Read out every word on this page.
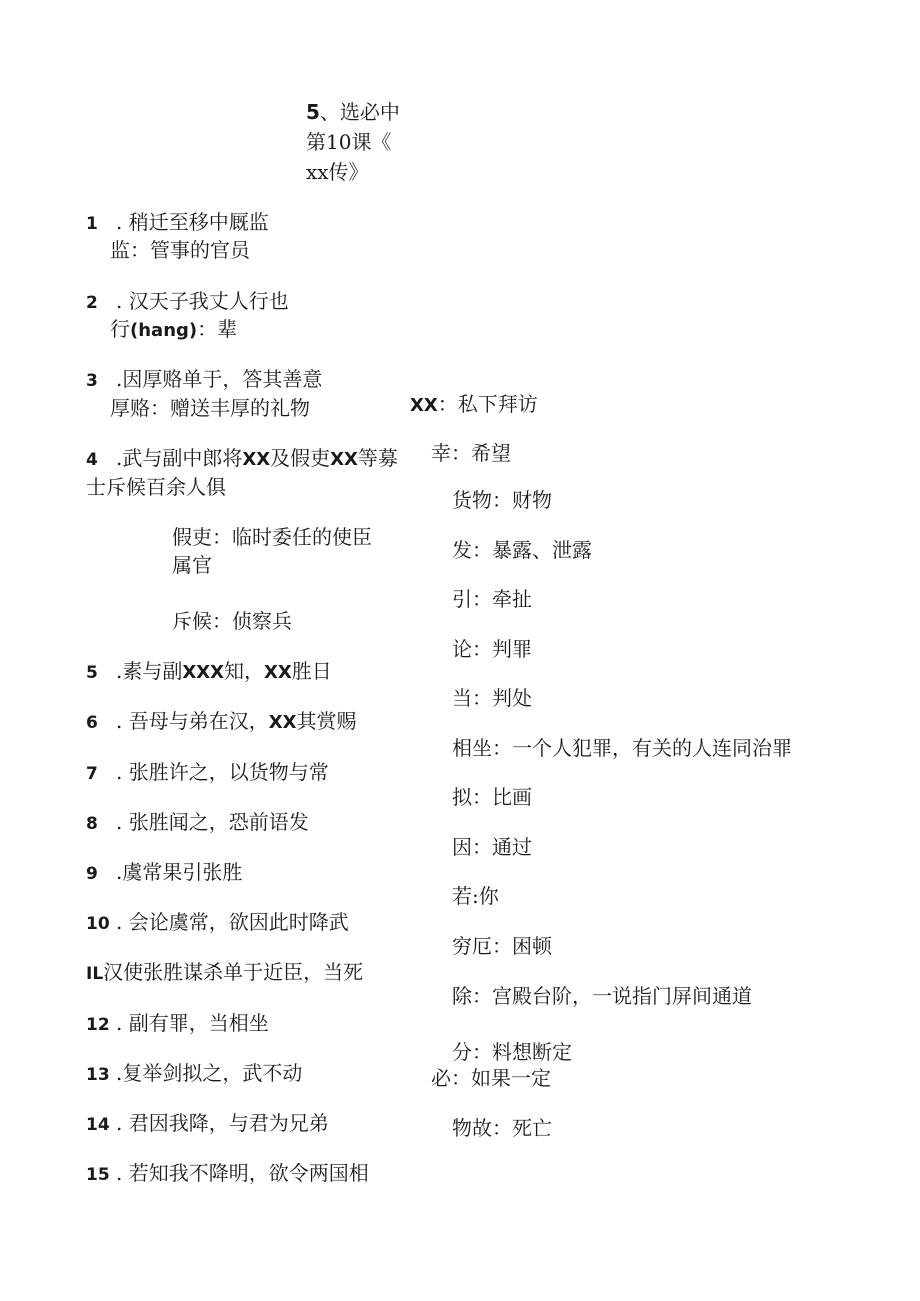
5、选必中
第10课《
xx传》
1 . 稍迁至移中厩监
监：管事的官员
2 . 汉天子我丈人行也
行(hang)：辈
3 .因厚赂单于，答其善意
厚赂：赠送丰厚的礼物
4 .武与副中郎将XX及假吏XX等募
士斥候百余人俱
假吏：临时委任的使臣
属官
斥候：侦察兵
5 .素与副XXX知，XX胜日
6 . 吾母与弟在汉，XX其赏赐
7 . 张胜许之，以货物与常
8 . 张胜闻之，恐前语发
9 .虞常果引张胜
10 . 会论虞常，欲因此时降武
IL汉使张胜谋杀单于近臣，当死
12 . 副有罪，当相坐
13 .复举剑拟之，武不动
14 . 君因我降，与君为兄弟
15 . 若知我不降明，欲令两国相
XX：私下拜访
幸：希望
货物：财物
发：暴露、泄露
引：牵扯
论：判罪
当：判处
相坐：一个人犯罪，有关的人连同治罪
拟：比画
因：通过
若:你
穷厄：困顿
除：宫殿台阶，一说指门屏间通道
分：料想断定
必：如果一定
物故：死亡
